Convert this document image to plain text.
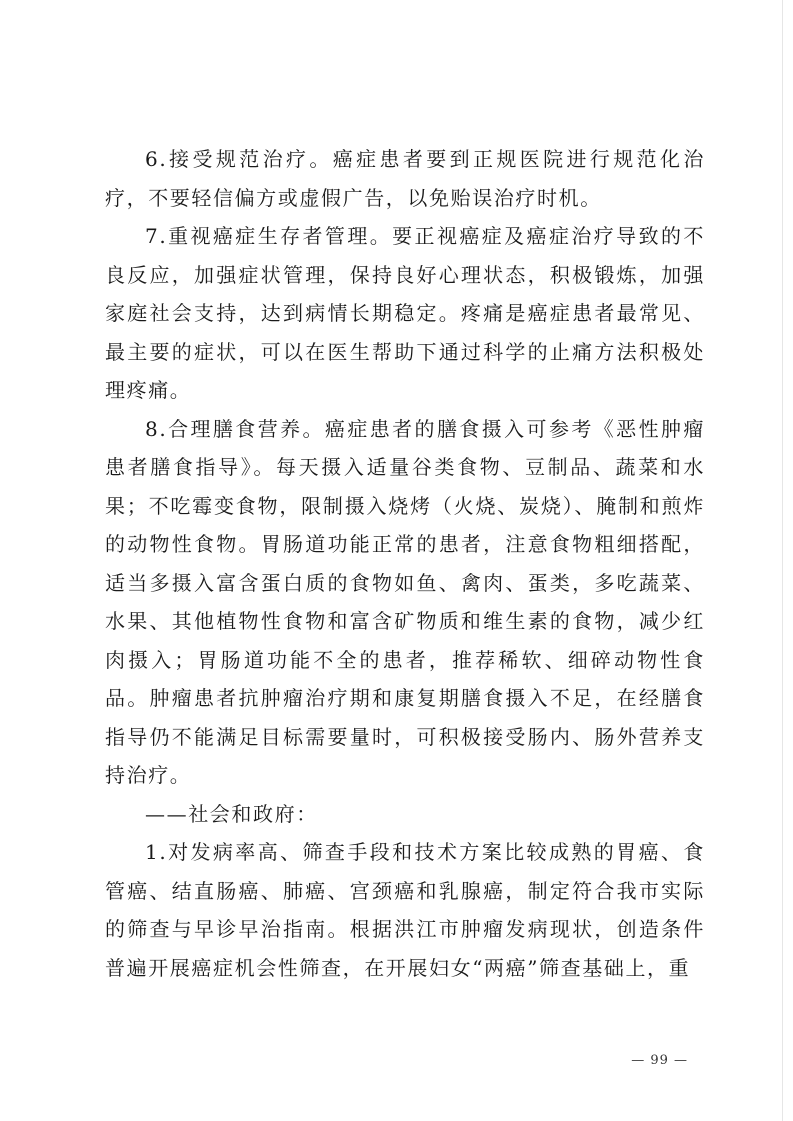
6.接受规范治疗。癌症患者要到正规医院进行规范化治疗，不要轻信偏方或虚假广告，以免贻误治疗时机。

7.重视癌症生存者管理。要正视癌症及癌症治疗导致的不良反应，加强症状管理，保持良好心理状态，积极锻炼，加强家庭社会支持，达到病情长期稳定。疼痛是癌症患者最常见、最主要的症状，可以在医生帮助下通过科学的止痛方法积极处理疼痛。

8.合理膳食营养。癌症患者的膳食摄入可参考《恶性肿瘤患者膳食指导》。每天摄入适量谷类食物、豆制品、蔬菜和水果；不吃霉变食物，限制摄入烧烤（火烧、炭烧）、腌制和煎炸的动物性食物。胃肠道功能正常的患者，注意食物粗细搭配，适当多摄入富含蛋白质的食物如鱼、禽肉、蛋类，多吃蔬菜、水果、其他植物性食物和富含矿物质和维生素的食物，减少红肉摄入；胃肠道功能不全的患者，推荐稀软、细碎动物性食品。肿瘤患者抗肿瘤治疗期和康复期膳食摄入不足，在经膳食指导仍不能满足目标需要量时，可积极接受肠内、肠外营养支持治疗。

——社会和政府：

1.对发病率高、筛查手段和技术方案比较成熟的胃癌、食管癌、结直肠癌、肺癌、宫颈癌和乳腺癌，制定符合我市实际的筛查与早诊早治指南。根据洪江市肿瘤发病现状，创造条件普遍开展癌症机会性筛查，在开展妇女“两癌”筛查基础上，重

— 99 —
